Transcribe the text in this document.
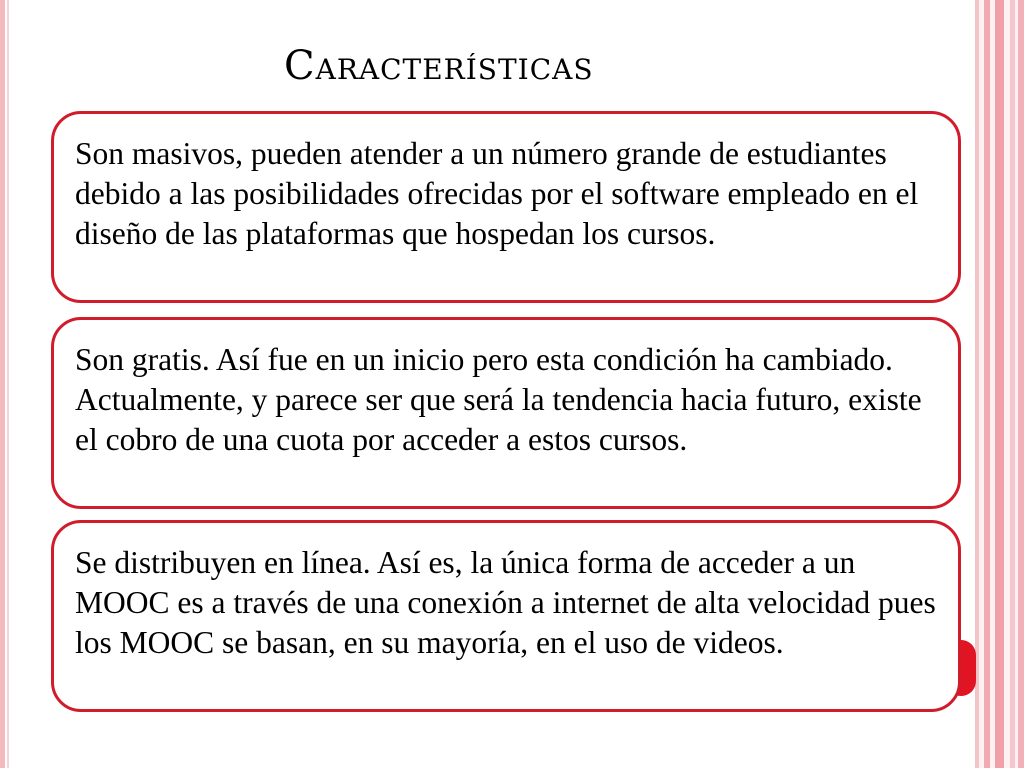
Características

Son masivos, pueden atender a un número grande de estudiantes debido a las posibilidades ofrecidas por el software empleado en el diseño de las plataformas que hospedan los cursos.

Son gratis. Así fue en un inicio pero esta condición ha cambiado. Actualmente, y parece ser que será la tendencia hacia futuro, existe el cobro de una cuota por acceder a estos cursos.

Se distribuyen en línea. Así es, la única forma de acceder a un MOOC es a través de una conexión a internet de alta velocidad pues los MOOC se basan, en su mayoría, en el uso de videos.
